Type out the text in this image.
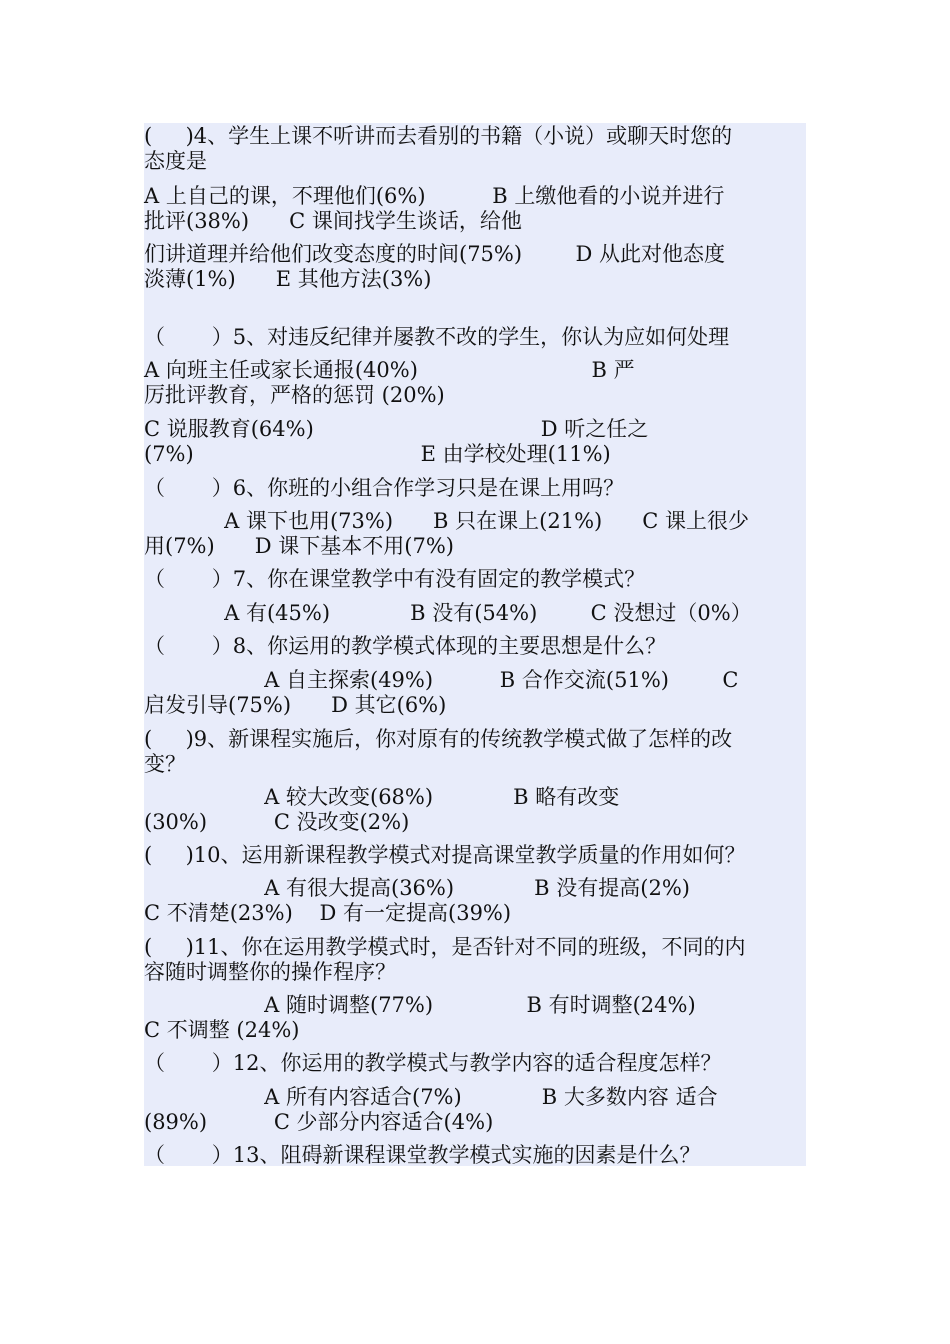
(     )4、学生上课不听讲而去看别的书籍（小说）或聊天时您的
态度是
A 上自己的课，不理他们(6%)          B 上缴他看的小说并进行
批评(38%)      C 课间找学生谈话，给他
们讲道理并给他们改变态度的时间(75%)        D 从此对他态度
淡薄(1%)      E 其他方法(3%)
（       ）5、对违反纪律并屡教不改的学生，你认为应如何处理
A 向班主任或家长通报(40%)                          B 严
厉批评教育，严格的惩罚 (20%)
C 说服教育(64%)                                  D 听之任之
(7%)                                  E 由学校处理(11%)
（       ）6、你班的小组合作学习只是在课上用吗？
A 课下也用(73%)      B 只在课上(21%)      C 课上很少
用(7%)      D 课下基本不用(7%)
（       ）7、你在课堂教学中有没有固定的教学模式？
A 有(45%)            B 没有(54%)        C 没想过（0%）
（       ）8、你运用的教学模式体现的主要思想是什么？
A 自主探索(49%)          B 合作交流(51%)        C
启发引导(75%)      D 其它(6%)
(     )9、新课程实施后，你对原有的传统教学模式做了怎样的改
变？
A 较大改变(68%)            B 略有改变
(30%)          C 没改变(2%)
(     )10、运用新课程教学模式对提高课堂教学质量的作用如何？
A 有很大提高(36%)            B 没有提高(2%)
C 不清楚(23%)    D 有一定提高(39%)
(     )11、你在运用教学模式时，是否针对不同的班级，不同的内
容随时调整你的操作程序？
A 随时调整(77%)              B 有时调整(24%)
C 不调整 (24%)
（       ）12、你运用的教学模式与教学内容的适合程度怎样？
A 所有内容适合(7%)            B 大多数内容 适合
(89%)          C 少部分内容适合(4%)
（       ）13、阻碍新课程课堂教学模式实施的因素是什么？
